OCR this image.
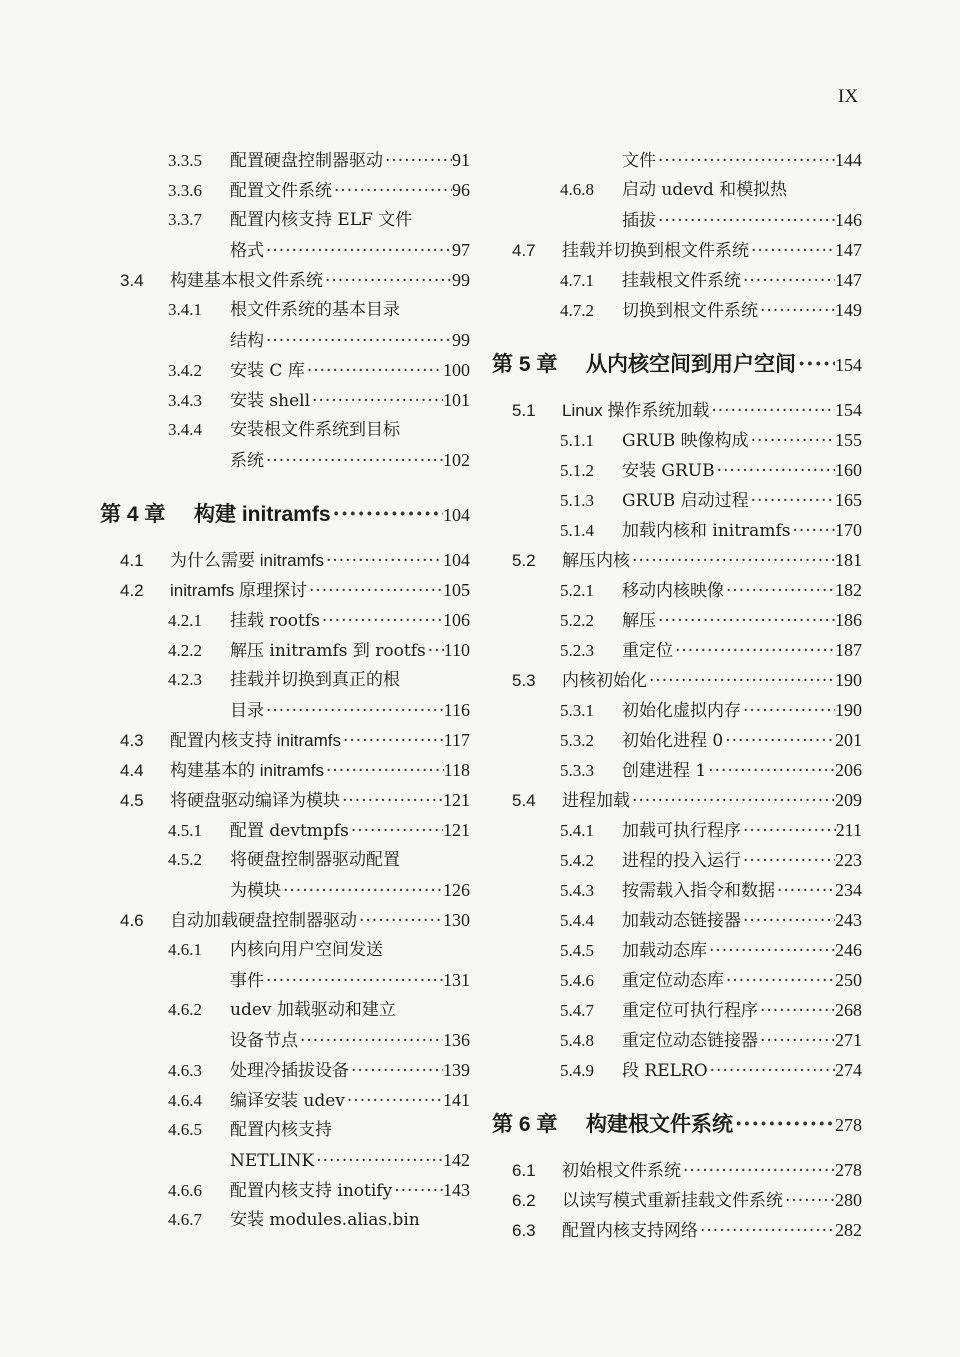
IX
3.3.5	配置硬盘控制器驱动 ·····	91
3.3.6	配置文件系统 ·····	96
3.3.7	配置内核支持 ELF 文件
格式 ·····	97
3.4	构建基本根文件系统 ·····	99
3.4.1	根文件系统的基本目录
结构 ·····	99
3.4.2	安装 C 库 ·····	100
3.4.3	安装 shell ·····	101
3.4.4	安装根文件系统到目标
系统 ·····	102
第 4 章	构建 initramfs ·····	104
4.1	为什么需要 initramfs ·····	104
4.2	initramfs 原理探讨 ·····	105
4.2.1	挂载 rootfs ·····	106
4.2.2	解压 initramfs 到 rootfs ····· 110
4.2.3	挂载并切换到真正的根
目录 ·····	116
4.3	配置内核支持 initramfs ·····	117
4.4	构建基本的 initramfs ·····	118
4.5	将硬盘驱动编译为模块 ·····	121
4.5.1	配置 devtmpfs ·····	121
4.5.2	将硬盘控制器驱动配置
为模块 ·····	126
4.6	自动加载硬盘控制器驱动 ·····	130
4.6.1	内核向用户空间发送
事件 ·····	131
4.6.2	udev 加载驱动和建立
设备节点 ·····	136
4.6.3	处理冷插拔设备 ·····	139
4.6.4	编译安装 udev ·····	141
4.6.5	配置内核支持
NETLINK ·····	142
4.6.6	配置内核支持 inotify ·····	143
4.6.7	安装 modules.alias.bin
文件 ·····	144
4.6.8	启动 udevd 和模拟热
插拔 ·····	146
4.7	挂载并切换到根文件系统 ·····	147
4.7.1	挂载根文件系统 ·····	147
4.7.2	切换到根文件系统 ·····	149
第 5 章	从内核空间到用户空间 ····· 154
5.1	Linux 操作系统加载 ·····	154
5.1.1	GRUB 映像构成 ·····	155
5.1.2	安装 GRUB ·····	160
5.1.3	GRUB 启动过程 ·····	165
5.1.4	加载内核和 initramfs ····· 170
5.2	解压内核 ·····	181
5.2.1	移动内核映像 ·····	182
5.2.2	解压 ·····	186
5.2.3	重定位 ·····	187
5.3	内核初始化 ·····	190
5.3.1	初始化虚拟内存 ·····	190
5.3.2	初始化进程 0 ·····	201
5.3.3	创建进程 1 ·····	206
5.4	进程加载 ·····	209
5.4.1	加载可执行程序 ·····	211
5.4.2	进程的投入运行 ·····	223
5.4.3	按需载入指令和数据 ·····	234
5.4.4	加载动态链接器 ·····	243
5.4.5	加载动态库 ·····	246
5.4.6	重定位动态库 ·····	250
5.4.7	重定位可执行程序 ·····	268
5.4.8	重定位动态链接器 ·····	271
5.4.9	段 RELRO ·····	274
第 6 章	构建根文件系统 ·····	278
6.1	初始根文件系统 ·····	278
6.2	以读写模式重新挂载文件系统 ·····	280
6.3	配置内核支持网络 ·····	282
